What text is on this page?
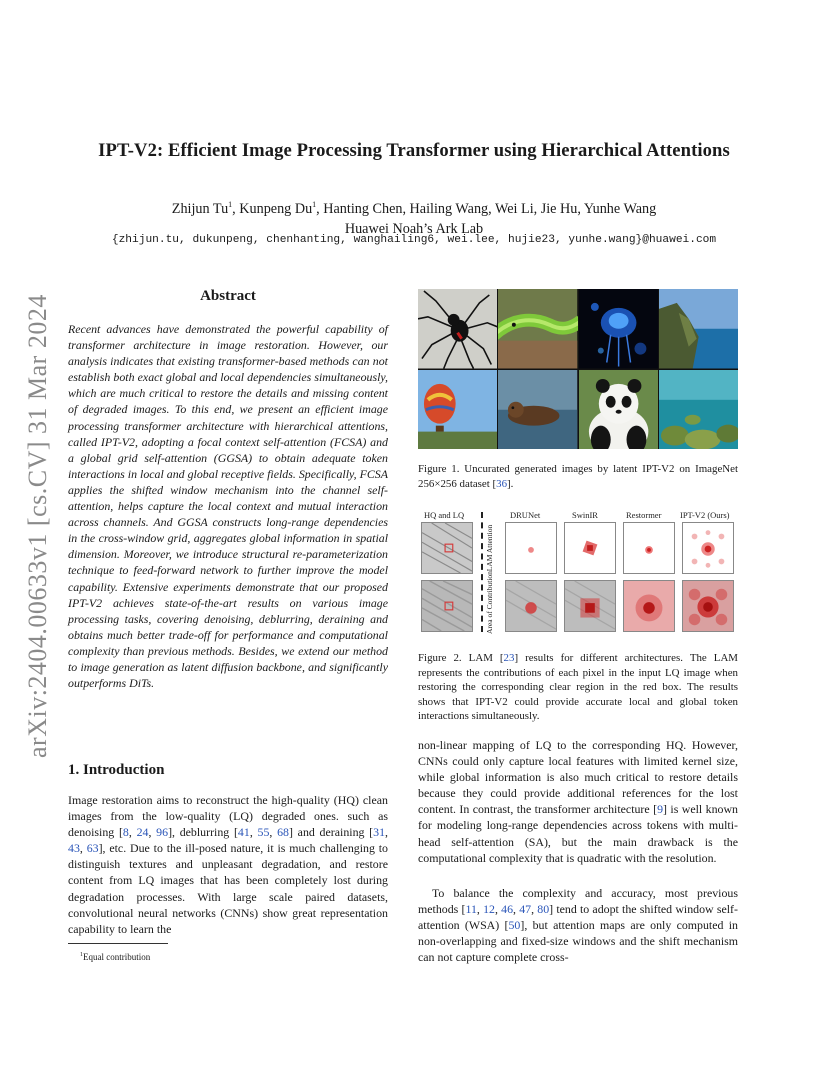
arXiv:2404.00633v1 [cs.CV] 31 Mar 2024
IPT-V2: Efficient Image Processing Transformer using Hierarchical Attentions
Zhijun Tu$^1$, Kunpeng Du$^1$, Hanting Chen, Hailing Wang, Wei Li, Jie Hu, Yunhe Wang
Huawei Noah’s Ark Lab
{zhijun.tu, dukunpeng, chenhanting, wanghailing6, wei.lee, hujie23, yunhe.wang}@huawei.com
Abstract
Recent advances have demonstrated the powerful capability of transformer architecture in image restoration. However, our analysis indicates that existing transformer-based methods can not establish both exact global and local dependencies simultaneously, which are much critical to restore the details and missing content of degraded images. To this end, we present an efficient image processing transformer architecture with hierarchical attentions, called IPT-V2, adopting a focal context self-attention (FCSA) and a global grid self-attention (GGSA) to obtain adequate token interactions in local and global receptive fields. Specifically, FCSA applies the shifted window mechanism into the channel self-attention, helps capture the local context and mutual interaction across channels. And GGSA constructs long-range dependencies in the cross-window grid, aggregates global information in spatial dimension. Moreover, we introduce structural re-parameterization technique to feed-forward network to further improve the model capability. Extensive experiments demonstrate that our proposed IPT-V2 achieves state-of-the-art results on various image processing tasks, covering denoising, deblurring, deraining and obtains much better trade-off for performance and computational complexity than previous methods. Besides, we extend our method to image generation as latent diffusion backbone, and significantly outperforms DiTs.
1. Introduction
Image restoration aims to reconstruct the high-quality (HQ) clean images from the low-quality (LQ) degraded ones. such as denoising [8, 24, 96], deblurring [41, 55, 68] and deraining [31, 43, 63], etc. Due to the ill-posed nature, it is much challenging to distinguish textures and unpleasant degradation, and restore content from LQ images that has been completely lost during degradation processes. With large scale paired datasets, convolutional neural networks (CNNs) show great representation capability to learn the
$^1$Equal contribution
Figure 1. Uncurated generated images by latent IPT-V2 on ImageNet 256×256 dataset [36].
HQ and LQ	DRUNet	SwinIR	Restormer IPT-V2 (Ours)
LAM Attention
Area of Contribution
Figure 2. LAM [23] results for different architectures. The LAM represents the contributions of each pixel in the input LQ image when restoring the corresponding clear region in the red box. The results shows that IPT-V2 could provide accurate local and global token interactions simultaneously.
non-linear mapping of LQ to the corresponding HQ. However, CNNs could only capture local features with limited kernel size, while global information is also much critical to restore details because they could provide additional references for the lost content. In contrast, the transformer architecture [9] is well known for modeling long-range dependencies across tokens with multi-head self-attention (SA), but the main drawback is the computational complexity that is quadratic with the resolution.
To balance the complexity and accuracy, most previous methods [11, 12, 46, 47, 80] tend to adopt the shifted window self-attention (WSA) [50], but attention maps are only computed in non-overlapping and fixed-size windows and the shift mechanism can not capture complete cross-
